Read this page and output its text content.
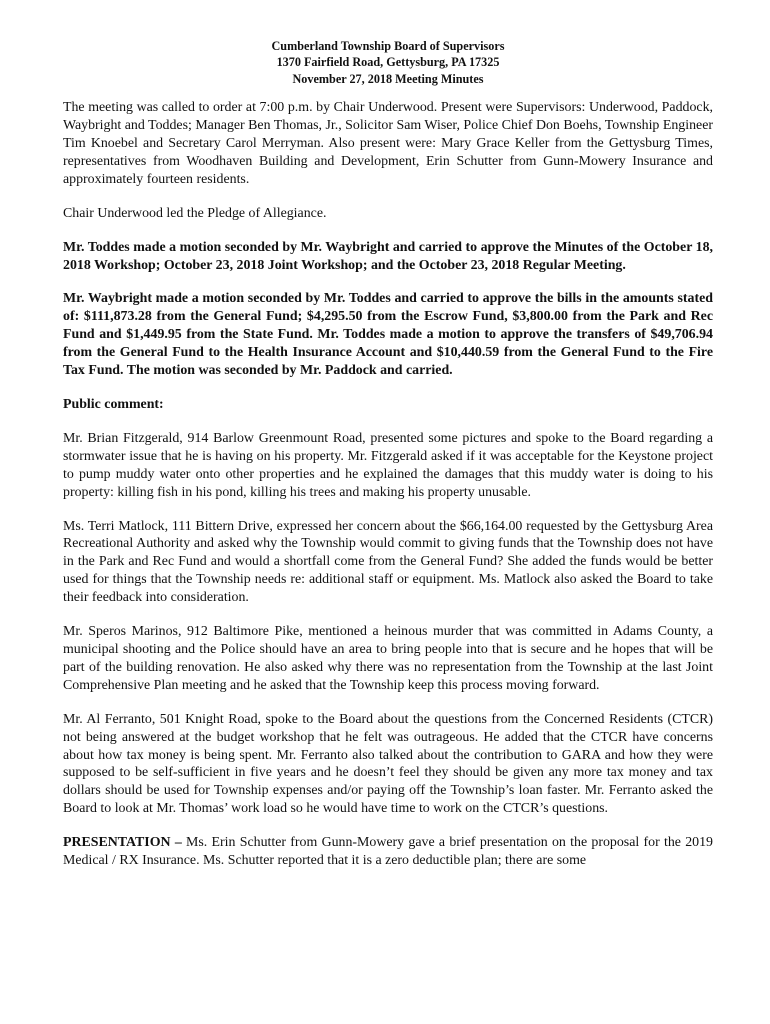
Cumberland Township Board of Supervisors
1370 Fairfield Road, Gettysburg, PA 17325
November 27, 2018 Meeting Minutes

The meeting was called to order at 7:00 p.m. by Chair Underwood. Present were Supervisors: Underwood, Paddock, Waybright and Toddes; Manager Ben Thomas, Jr., Solicitor Sam Wiser, Police Chief Don Boehs, Township Engineer Tim Knoebel and Secretary Carol Merryman. Also present were: Mary Grace Keller from the Gettysburg Times, representatives from Woodhaven Building and Development, Erin Schutter from Gunn-Mowery Insurance and approximately fourteen residents.

Chair Underwood led the Pledge of Allegiance.

Mr. Toddes made a motion seconded by Mr. Waybright and carried to approve the Minutes of the October 18, 2018 Workshop; October 23, 2018 Joint Workshop; and the October 23, 2018 Regular Meeting.

Mr. Waybright made a motion seconded by Mr. Toddes and carried to approve the bills in the amounts stated of: $111,873.28 from the General Fund; $4,295.50 from the Escrow Fund, $3,800.00 from the Park and Rec Fund and $1,449.95 from the State Fund. Mr. Toddes made a motion to approve the transfers of $49,706.94 from the General Fund to the Health Insurance Account and $10,440.59 from the General Fund to the Fire Tax Fund. The motion was seconded by Mr. Paddock and carried.

Public comment:

Mr. Brian Fitzgerald, 914 Barlow Greenmount Road, presented some pictures and spoke to the Board regarding a stormwater issue that he is having on his property. Mr. Fitzgerald asked if it was acceptable for the Keystone project to pump muddy water onto other properties and he explained the damages that this muddy water is doing to his property: killing fish in his pond, killing his trees and making his property unusable.

Ms. Terri Matlock, 111 Bittern Drive, expressed her concern about the $66,164.00 requested by the Gettysburg Area Recreational Authority and asked why the Township would commit to giving funds that the Township does not have in the Park and Rec Fund and would a shortfall come from the General Fund? She added the funds would be better used for things that the Township needs re: additional staff or equipment. Ms. Matlock also asked the Board to take their feedback into consideration.

Mr. Speros Marinos, 912 Baltimore Pike, mentioned a heinous murder that was committed in Adams County, a municipal shooting and the Police should have an area to bring people into that is secure and he hopes that will be part of the building renovation. He also asked why there was no representation from the Township at the last Joint Comprehensive Plan meeting and he asked that the Township keep this process moving forward.

Mr. Al Ferranto, 501 Knight Road, spoke to the Board about the questions from the Concerned Residents (CTCR) not being answered at the budget workshop that he felt was outrageous. He added that the CTCR have concerns about how tax money is being spent. Mr. Ferranto also talked about the contribution to GARA and how they were supposed to be self-sufficient in five years and he doesn’t feel they should be given any more tax money and tax dollars should be used for Township expenses and/or paying off the Township’s loan faster. Mr. Ferranto asked the Board to look at Mr. Thomas’ work load so he would have time to work on the CTCR’s questions.

PRESENTATION – Ms. Erin Schutter from Gunn-Mowery gave a brief presentation on the proposal for the 2019 Medical / RX Insurance. Ms. Schutter reported that it is a zero deductible plan; there are some
